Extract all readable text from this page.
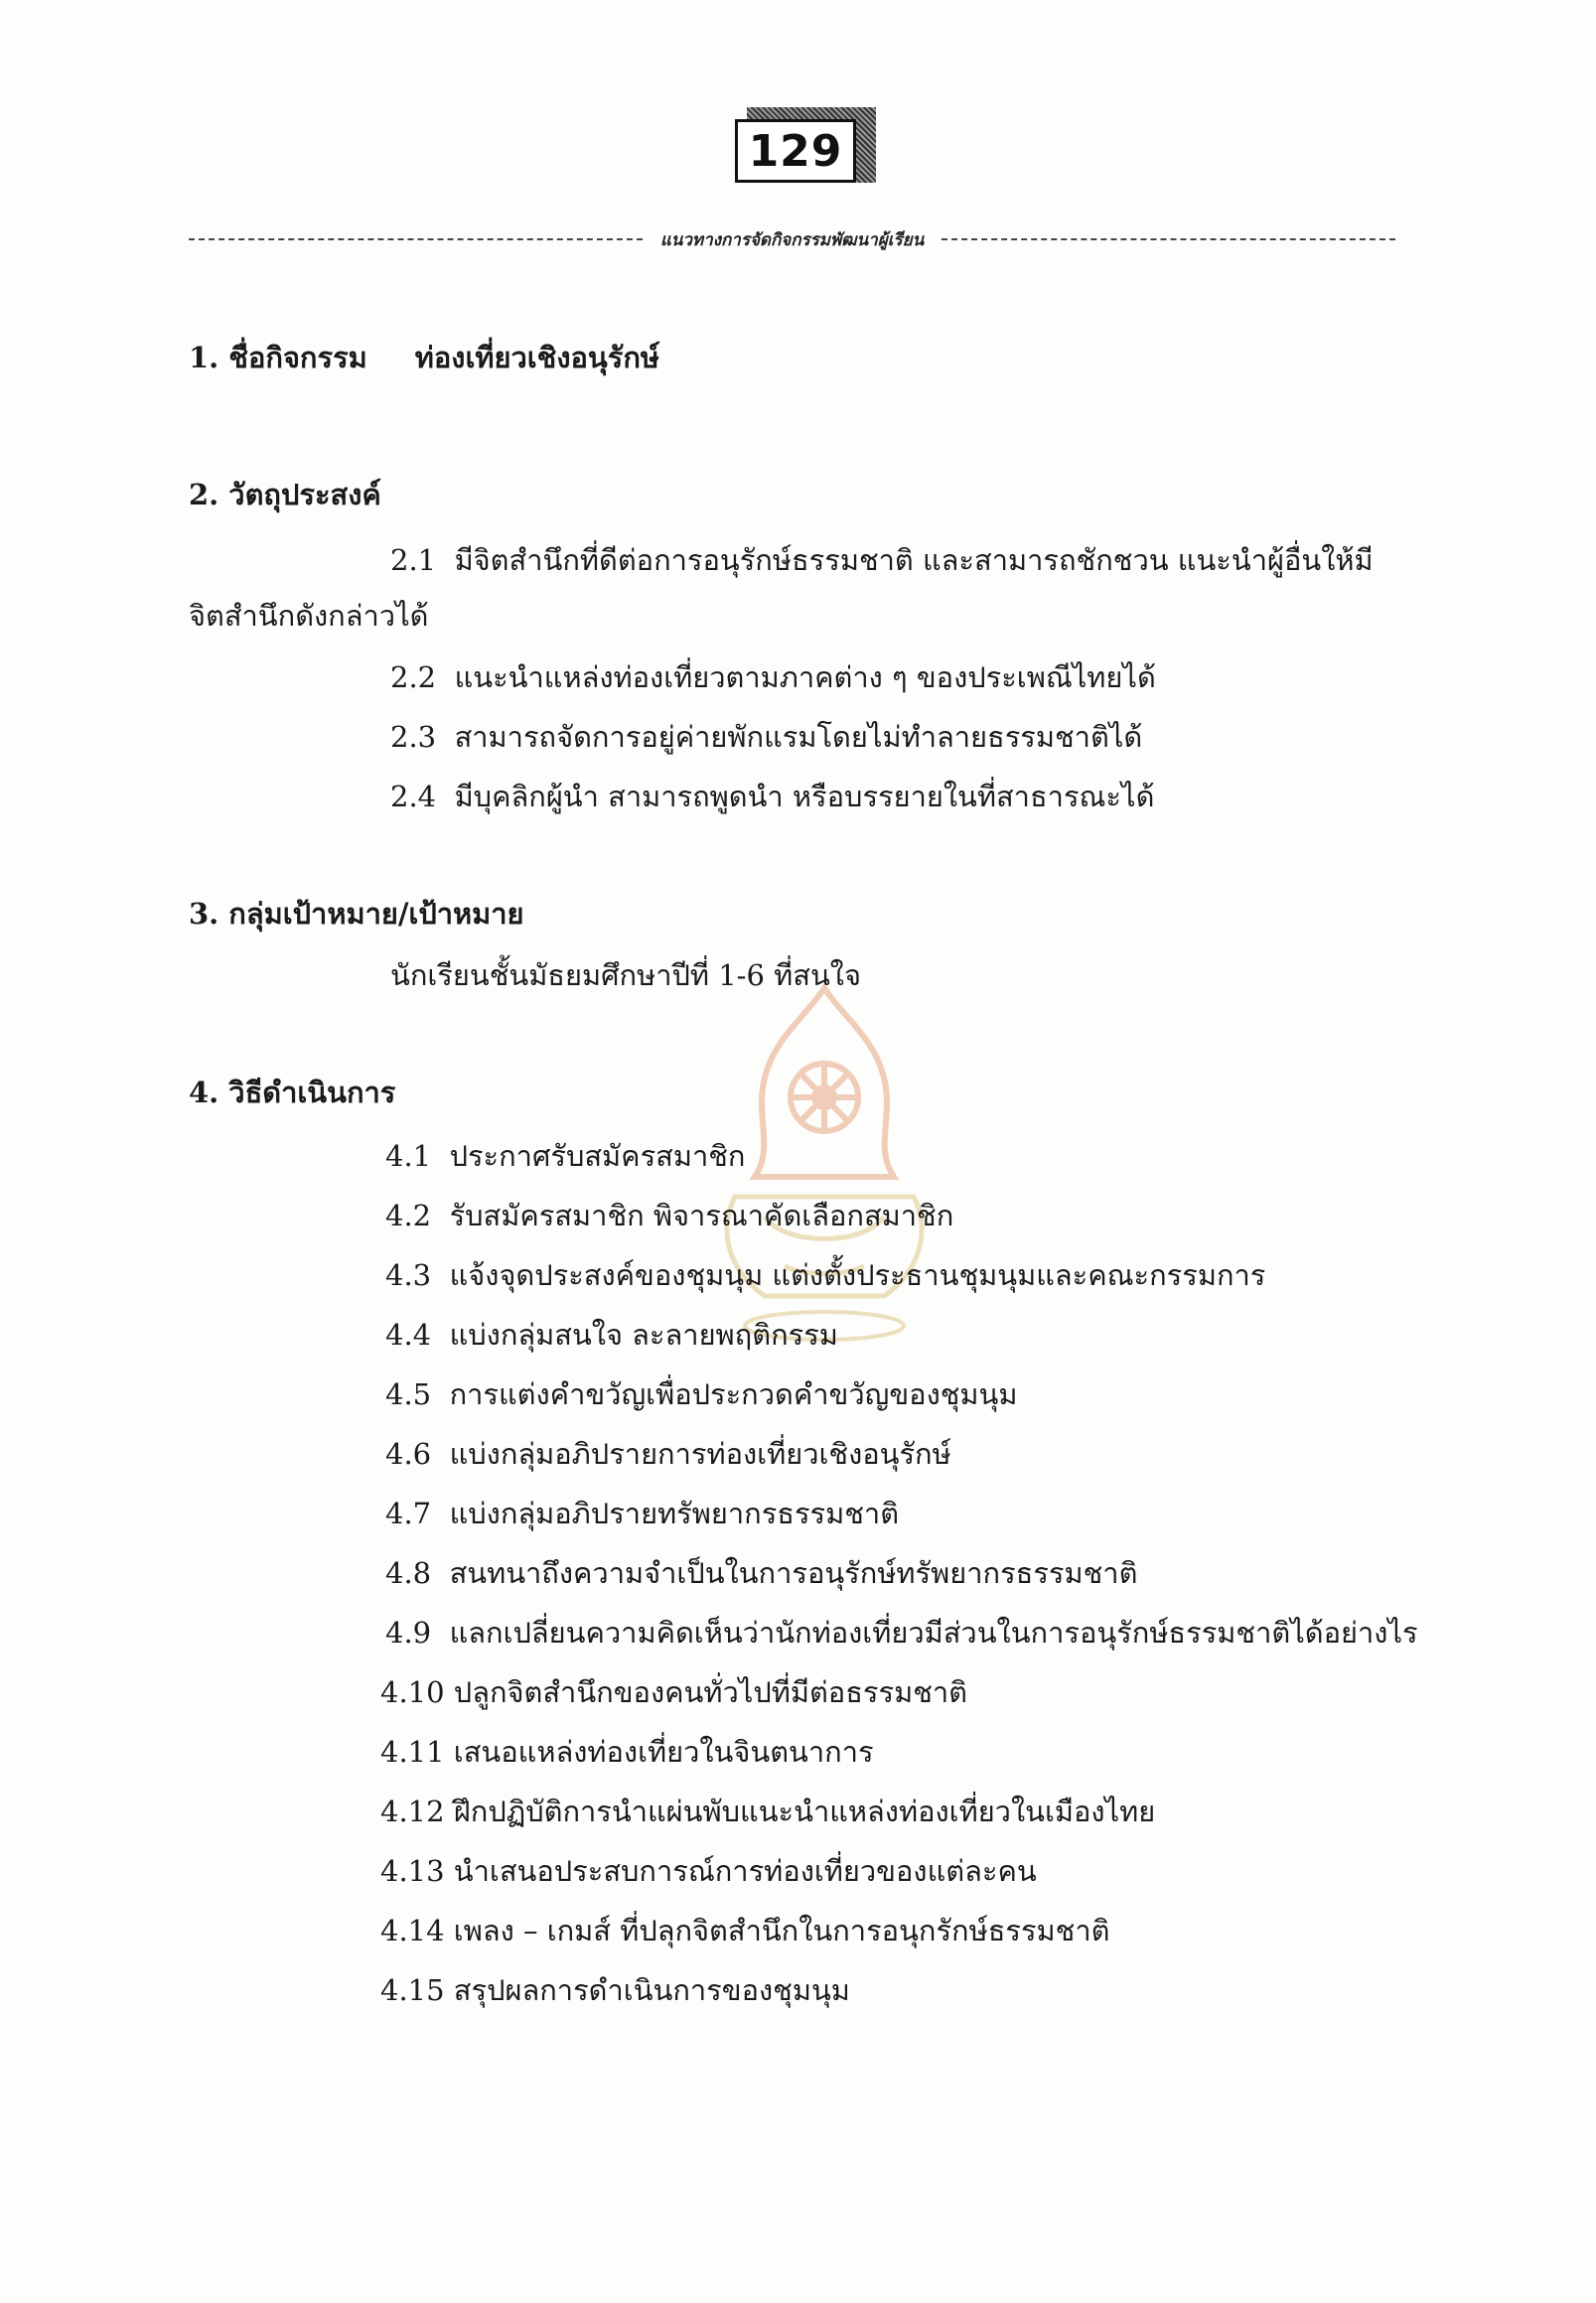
129
แนวทางการจัดกิจกรรมพัฒนาผู้เรียน
1. ชื่อกิจกรรม ท่องเที่ยวเชิงอนุรักษ์
2. วัตถุประสงค์
2.1 มีจิตสำนึกที่ดีต่อการอนุรักษ์ธรรมชาติ และสามารถชักชวน แนะนำผู้อื่นให้มี
จิตสำนึกดังกล่าวได้
2.2 แนะนำแหล่งท่องเที่ยวตามภาคต่าง ๆ ของประเพณีไทยได้
2.3 สามารถจัดการอยู่ค่ายพักแรมโดยไม่ทำลายธรรมชาติได้
2.4 มีบุคลิกผู้นำ สามารถพูดนำ หรือบรรยายในที่สาธารณะได้
3. กลุ่มเป้าหมาย/เป้าหมาย
นักเรียนชั้นมัธยมศึกษาปีที่ 1-6 ที่สนใจ
4. วิธีดำเนินการ
4.1 ประกาศรับสมัครสมาชิก
4.2 รับสมัครสมาชิก พิจารณาคัดเลือกสมาชิก
4.3 แจ้งจุดประสงค์ของชุมนุม แต่งตั้งประธานชุมนุมและคณะกรรมการ
4.4 แบ่งกลุ่มสนใจ ละลายพฤติกรรม
4.5 การแต่งคำขวัญเพื่อประกวดคำขวัญของชุมนุม
4.6 แบ่งกลุ่มอภิปรายการท่องเที่ยวเชิงอนุรักษ์
4.7 แบ่งกลุ่มอภิปรายทรัพยากรธรรมชาติ
4.8 สนทนาถึงความจำเป็นในการอนุรักษ์ทรัพยากรธรรมชาติ
4.9 แลกเปลี่ยนความคิดเห็นว่านักท่องเที่ยวมีส่วนในการอนุรักษ์ธรรมชาติได้อย่างไร
4.10 ปลูกจิตสำนึกของคนทั่วไปที่มีต่อธรรมชาติ
4.11 เสนอแหล่งท่องเที่ยวในจินตนาการ
4.12 ฝึกปฏิบัติการนำแผ่นพับแนะนำแหล่งท่องเที่ยวในเมืองไทย
4.13 นำเสนอประสบการณ์การท่องเที่ยวของแต่ละคน
4.14 เพลง – เกมส์ ที่ปลุกจิตสำนึกในการอนุกรักษ์ธรรมชาติ
4.15 สรุปผลการดำเนินการของชุมนุม
